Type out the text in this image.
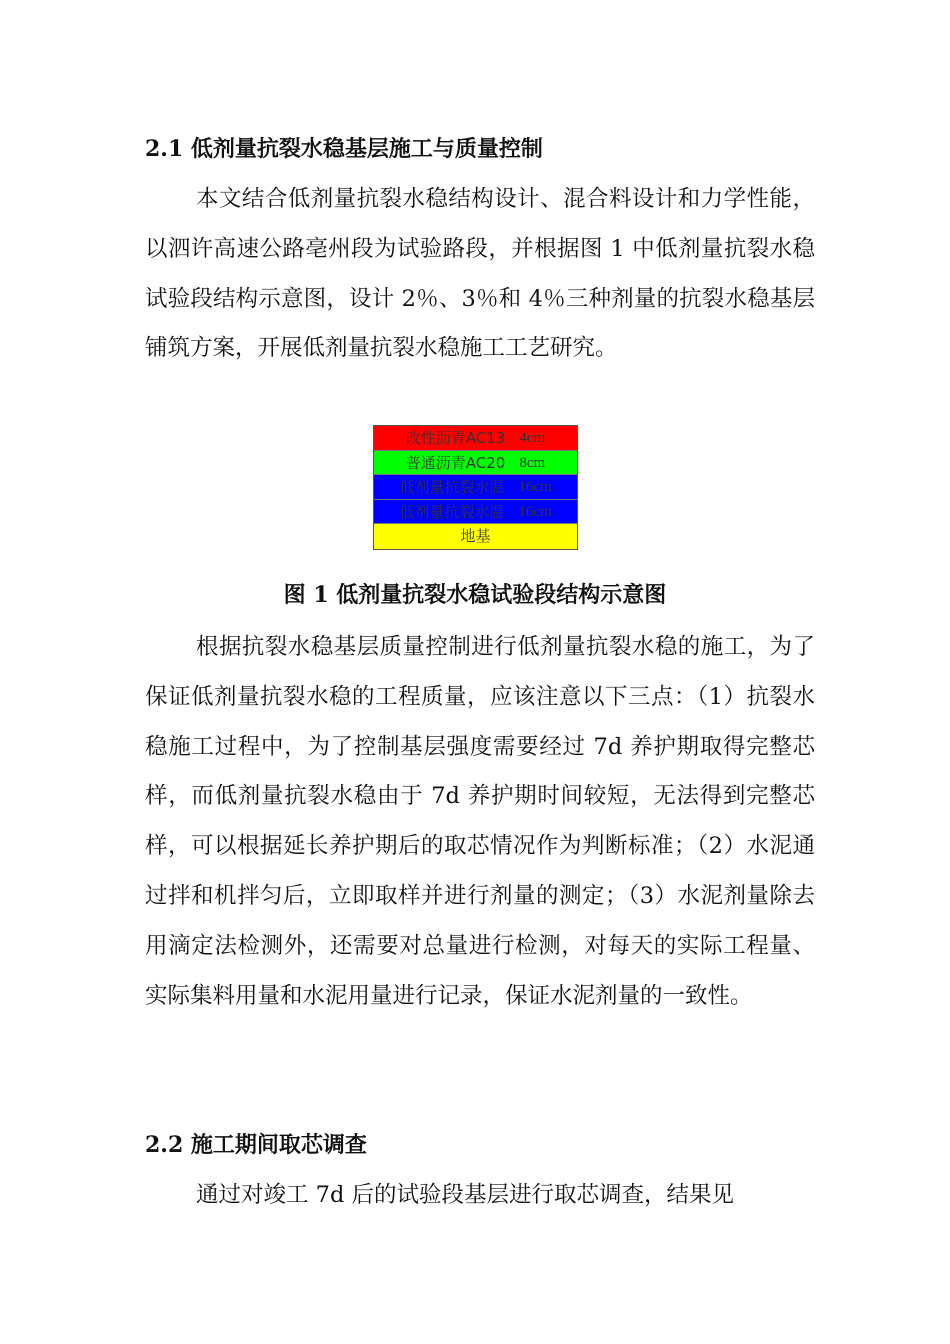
2.1 低剂量抗裂水稳基层施工与质量控制

本文结合低剂量抗裂水稳结构设计、混合料设计和力学性能，以泗许高速公路亳州段为试验路段，并根据图 1 中低剂量抗裂水稳试验段结构示意图，设计 2％、3％和 4％三种剂量的抗裂水稳基层铺筑方案，开展低剂量抗裂水稳施工工艺研究。

改性沥青AC13 4cm
普通沥青AC20 8cm
低剂量抗裂水温 16cm
低剂量抗裂水温 16cm
地基
图 1 低剂量抗裂水稳试验段结构示意图

根据抗裂水稳基层质量控制进行低剂量抗裂水稳的施工，为了保证低剂量抗裂水稳的工程质量，应该注意以下三点：（1）抗裂水稳施工过程中，为了控制基层强度需要经过 7d 养护期取得完整芯样，而低剂量抗裂水稳由于 7d 养护期时间较短，无法得到完整芯样，可以根据延长养护期后的取芯情况作为判断标准；（2）水泥通过拌和机拌匀后，立即取样并进行剂量的测定；（3）水泥剂量除去用滴定法检测外，还需要对总量进行检测，对每天的实际工程量、实际集料用量和水泥用量进行记录，保证水泥剂量的一致性。

2.2 施工期间取芯调查

通过对竣工 7d 后的试验段基层进行取芯调查，结果见
